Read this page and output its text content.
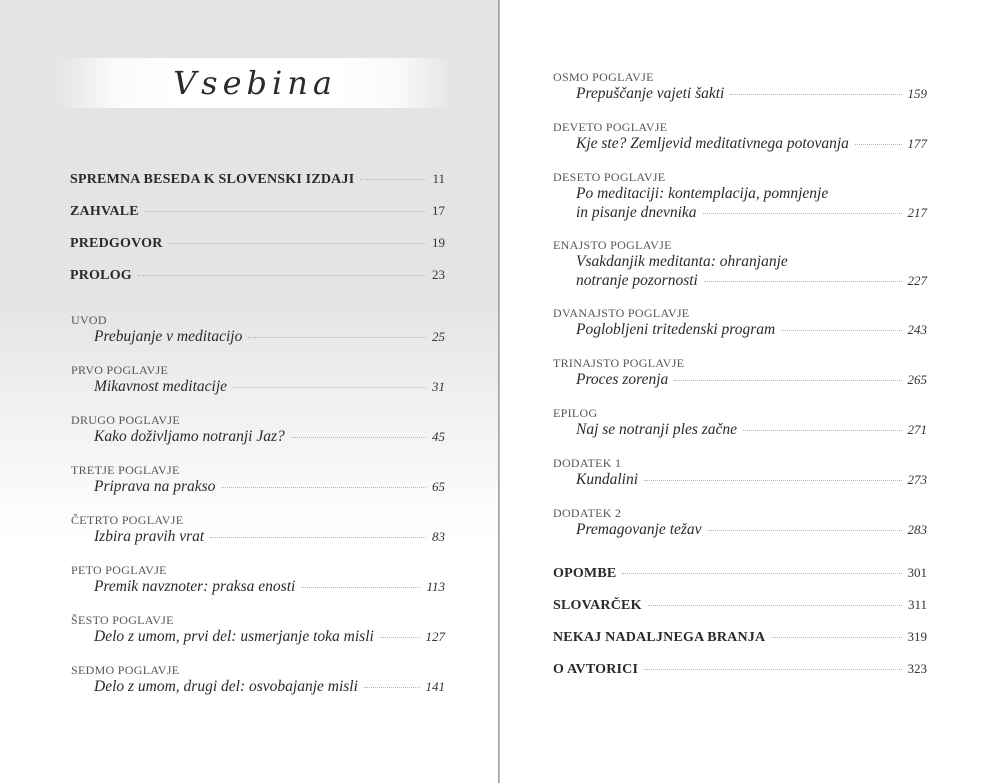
Vsebina
SPREMNA BESEDA K SLOVENSKI IZDAJI	11
ZAHVALE	17
PREDGOVOR	19
PROLOG	23
UVOD
Prebujanje v meditacijo	25
PRVO POGLAVJE
Mikavnost meditacije	31
DRUGO POGLAVJE
Kako doživljamo notranji Jaz?	45
TRETJE POGLAVJE
Priprava na prakso	65
ČETRTO POGLAVJE
Izbira pravih vrat	83
PETO POGLAVJE
Premik navznoter: praksa enosti	113
ŠESTO POGLAVJE
Delo z umom, prvi del: usmerjanje toka misli	127
SEDMO POGLAVJE
Delo z umom, drugi del: osvobajanje misli	141
OSMO POGLAVJE
Prepuščanje vajeti šakti	159
DEVETO POGLAVJE
Kje ste? Zemljevid meditativnega potovanja	177
DESETO POGLAVJE
Po meditaciji: kontemplacija, pomnjenje
in pisanje dnevnika	217
ENAJSTO POGLAVJE
Vsakdanjik meditanta: ohranjanje
notranje pozornosti	227
DVANAJSTO POGLAVJE
Poglobljeni tritedenski program	243
TRINAJSTO POGLAVJE
Proces zorenja	265
EPILOG
Naj se notranji ples začne	271
DODATEK 1
Kundalini	273
DODATEK 2
Premagovanje težav	283
OPOMBE	301
SLOVARČEK	311
NEKAJ NADALJNEGA BRANJA	319
O AVTORICI	323
